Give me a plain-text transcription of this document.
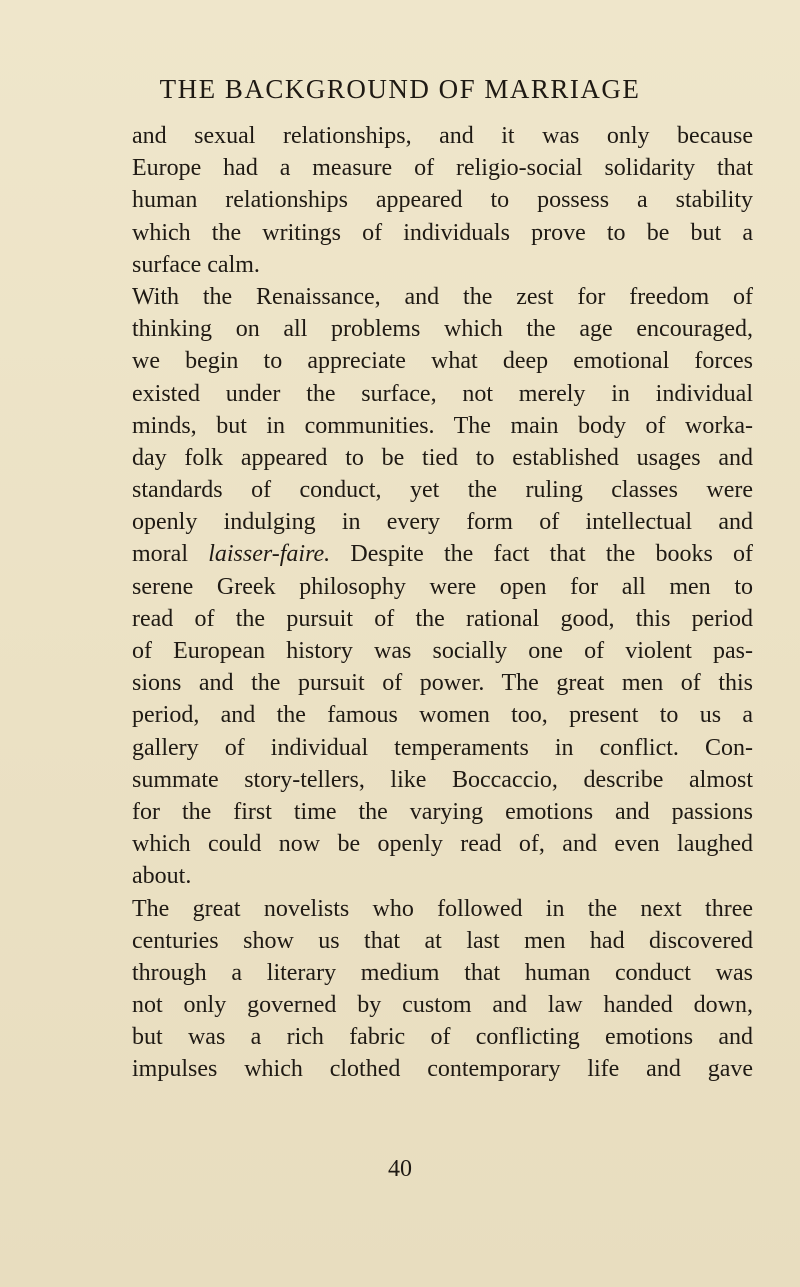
THE BACKGROUND OF MARRIAGE
and sexual relationships, and it was only because
Europe had a measure of religio-social solidarity that
human relationships appeared to possess a stability
which the writings of individuals prove to be but a
surface calm.
With the Renaissance, and the zest for freedom of
thinking on all problems which the age encouraged,
we begin to appreciate what deep emotional forces
existed under the surface, not merely in individual
minds, but in communities. The main body of worka-
day folk appeared to be tied to established usages and
standards of conduct, yet the ruling classes were
openly indulging in every form of intellectual and
moral laisser-faire. Despite the fact that the books of
serene Greek philosophy were open for all men to
read of the pursuit of the rational good, this period
of European history was socially one of violent pas-
sions and the pursuit of power. The great men of this
period, and the famous women too, present to us a
gallery of individual temperaments in conflict. Con-
summate story-tellers, like Boccaccio, describe almost
for the first time the varying emotions and passions
which could now be openly read of, and even laughed
about.
The great novelists who followed in the next three
centuries show us that at last men had discovered
through a literary medium that human conduct was
not only governed by custom and law handed down,
but was a rich fabric of conflicting emotions and
impulses which clothed contemporary life and gave
40
